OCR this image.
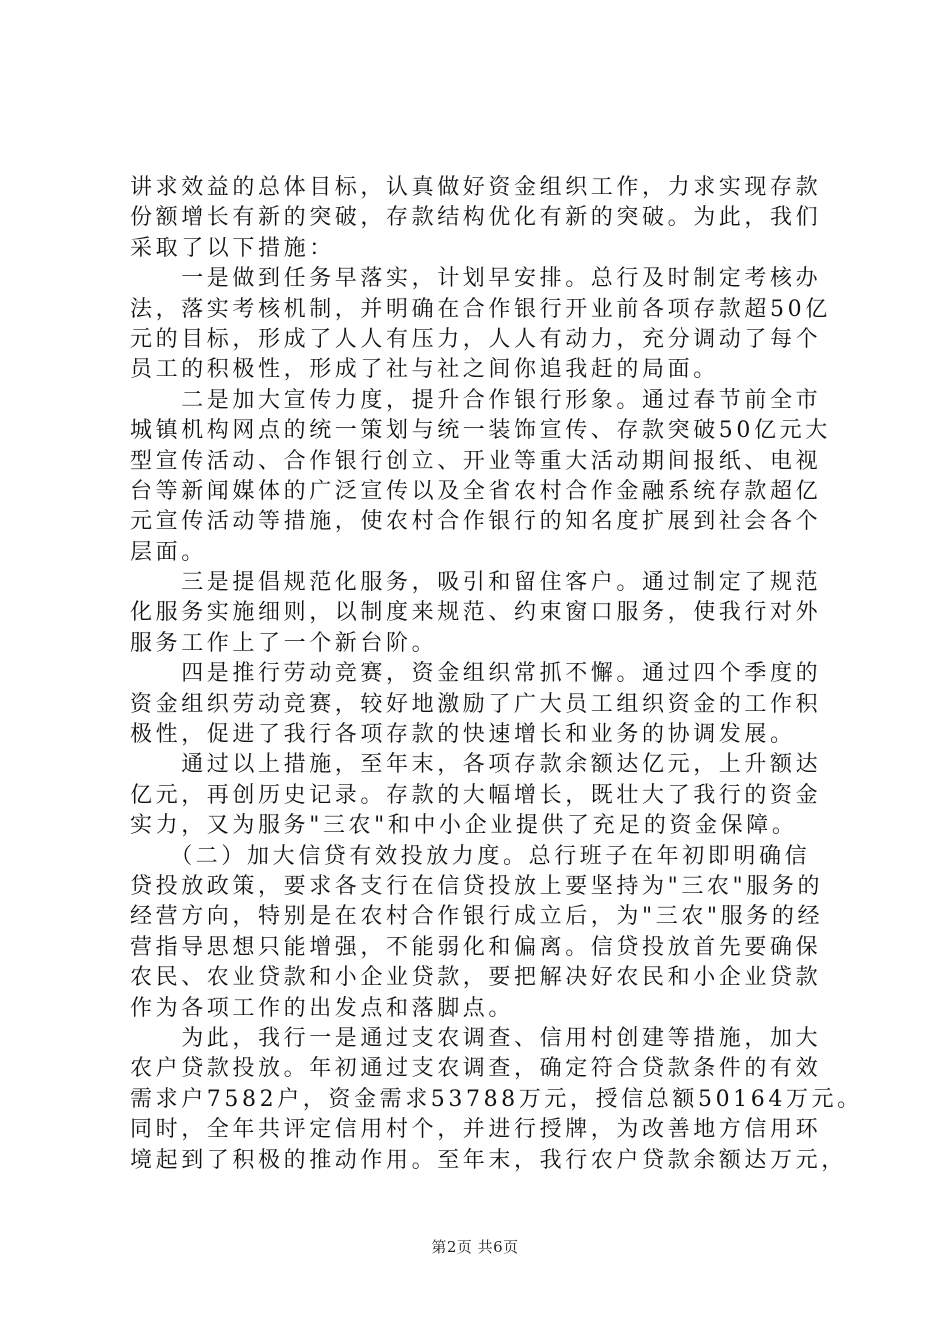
讲求效益的总体目标，认真做好资金组织工作，力求实现存款
份额增长有新的突破，存款结构优化有新的突破。为此，我们
采取了以下措施：
　　一是做到任务早落实，计划早安排。总行及时制定考核办
法，落实考核机制，并明确在合作银行开业前各项存款超50亿
元的目标，形成了人人有压力，人人有动力，充分调动了每个
员工的积极性，形成了社与社之间你追我赶的局面。
　　二是加大宣传力度，提升合作银行形象。通过春节前全市
城镇机构网点的统一策划与统一装饰宣传、存款突破50亿元大
型宣传活动、合作银行创立、开业等重大活动期间报纸、电视
台等新闻媒体的广泛宣传以及全省农村合作金融系统存款超亿
元宣传活动等措施，使农村合作银行的知名度扩展到社会各个
层面。
　　三是提倡规范化服务，吸引和留住客户。通过制定了规范
化服务实施细则，以制度来规范、约束窗口服务，使我行对外
服务工作上了一个新台阶。
　　四是推行劳动竞赛，资金组织常抓不懈。通过四个季度的
资金组织劳动竞赛，较好地激励了广大员工组织资金的工作积
极性，促进了我行各项存款的快速增长和业务的协调发展。
　　通过以上措施，至年末，各项存款余额达亿元，上升额达
亿元，再创历史记录。存款的大幅增长，既壮大了我行的资金
实力，又为服务"三农"和中小企业提供了充足的资金保障。
　　（二）加大信贷有效投放力度。总行班子在年初即明确信
贷投放政策，要求各支行在信贷投放上要坚持为"三农"服务的
经营方向，特别是在农村合作银行成立后，为"三农"服务的经
营指导思想只能增强，不能弱化和偏离。信贷投放首先要确保
农民、农业贷款和小企业贷款，要把解决好农民和小企业贷款
作为各项工作的出发点和落脚点。
　　为此，我行一是通过支农调查、信用村创建等措施，加大
农户贷款投放。年初通过支农调查，确定符合贷款条件的有效
需求户7582户，资金需求53788万元，授信总额50164万元。
同时，全年共评定信用村个，并进行授牌，为改善地方信用环
境起到了积极的推动作用。至年末，我行农户贷款余额达万元，
第2页 共6页
